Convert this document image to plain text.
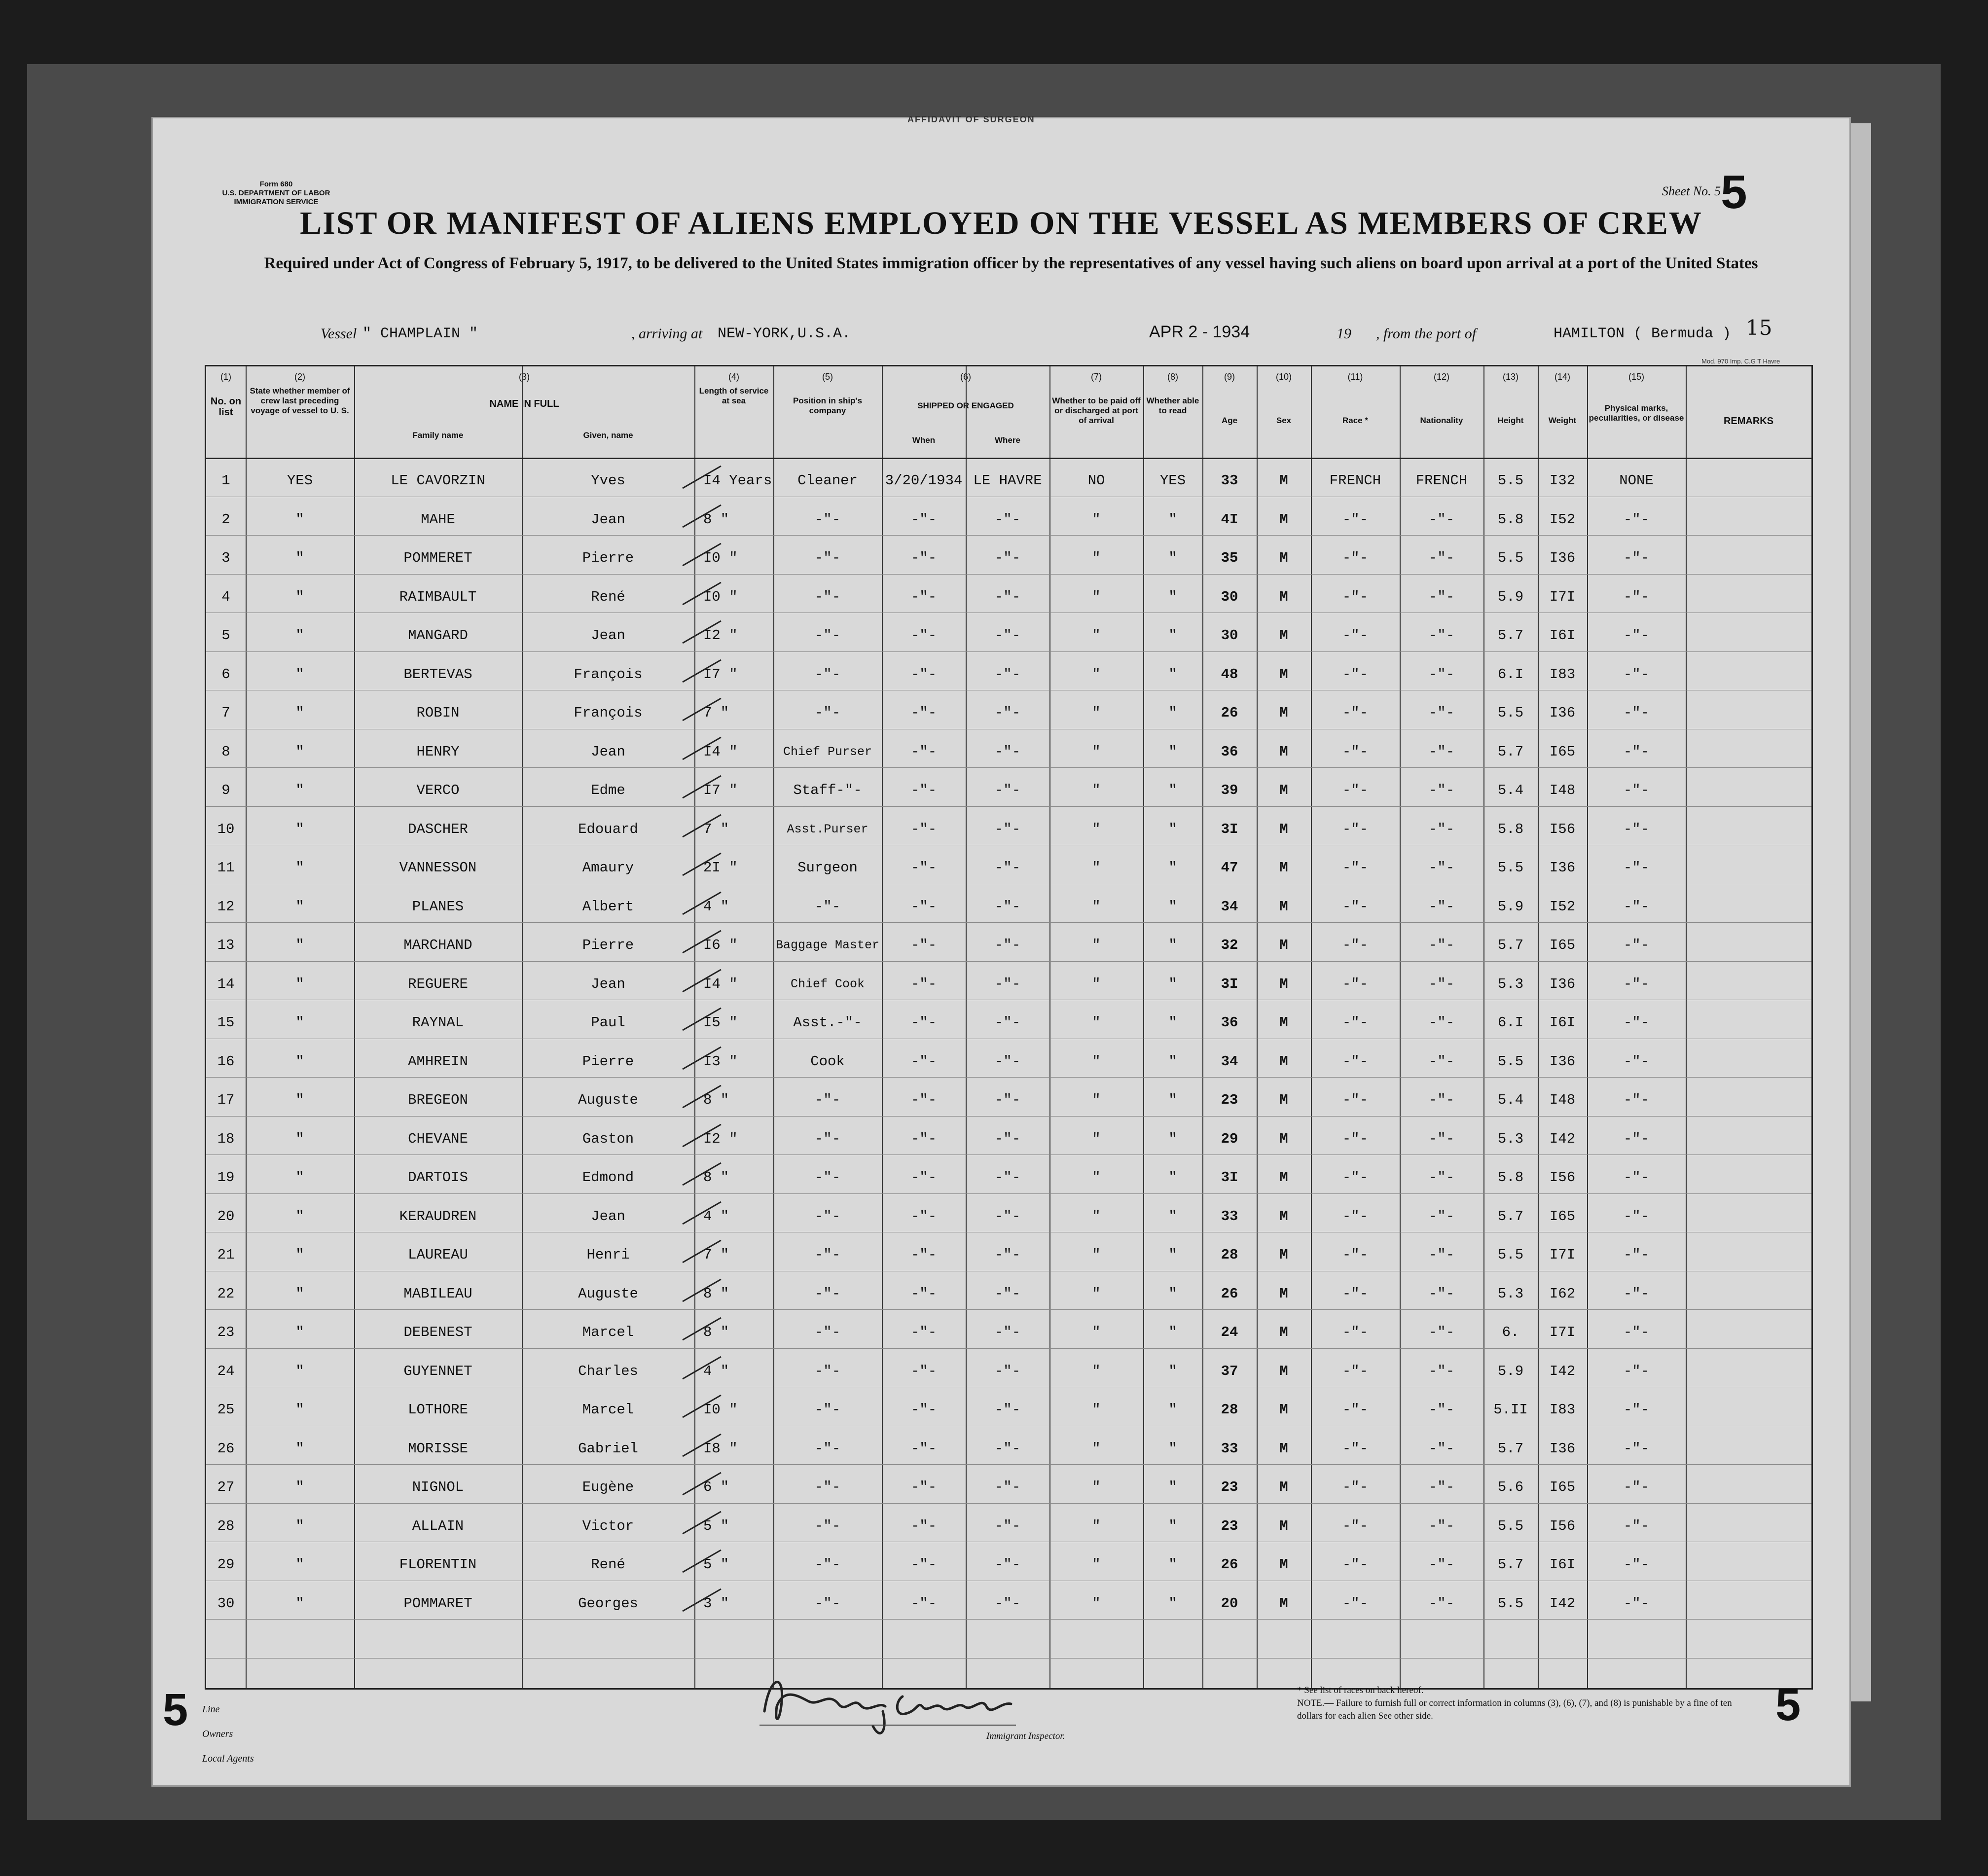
AFFIDAVIT OF SURGEON
Form 680
U.S. DEPARTMENT OF LABOR
IMMIGRATION SERVICE
Sheet No. 55
LIST OR MANIFEST OF ALIENS EMPLOYED ON THE VESSEL AS MEMBERS OF CREW
Required under Act of Congress of February 5, 1917, to be delivered to the United States immigration officer by the representatives of any vessel having such aliens on board upon arrival at a port of the United States
15
Vessel " CHAMPLAIN "	, arriving at NEW-YORK,U.S.A.	APR 2 - 1934	19 , from the port of	HAMILTON ( Bermuda )
Mod. 970 Imp. C.G T Havre
(1)
No. on list
(2)
State whether member of crew last preceding voyage of vessel to U. S.
(3)
NAME IN FULL
Family name	Given, name
(4)
Length of service at sea
(5)
Position in ship's company
(6)
SHIPPED OR ENGAGED
When	Where
(7)
Whether to be paid off or discharged at port of arrival
(8)
Whether able to read
(9)
Age
(10)
Sex
(11)
Race *
(12)
Nationality
(13)
Height
(14)
Weight
(15)
Physical marks, peculiarities, or disease	REMARKS
1	YES	LE CAVORZIN	Yves	I4 Years	Cleaner	3/20/1934 LE HAVRE	NO	YES	33	M	FRENCH	FRENCH	5.5	I32	NONE
2	"	MAHE	Jean	8 "	-"-	-"-	-"-	"	"	4I	M	-"-	-"-	5.8	I52	-"-
3	"	POMMERET	Pierre	I0 "	-"-	-"-	-"-	"	"	35	M	-"-	-"-	5.5	I36	-"-
4	"	RAIMBAULT	René	I0 "	-"-	-"-	-"-	"	"	30	M	-"-	-"-	5.9	I7I	-"-
5	"	MANGARD	Jean	I2 "	-"-	-"-	-"-	"	"	30	M	-"-	-"-	5.7	I6I	-"-
6	"	BERTEVAS	François	I7 "	-"-	-"-	-"-	"	"	48	M	-"-	-"-	6.I	I83	-"-
7	"	ROBIN	François	7 "	-"-	-"-	-"-	"	"	26	M	-"-	-"-	5.5	I36	-"-
8	"	HENRY	Jean	I4 "	Chief Purser	-"-	-"-	"	"	36	M	-"-	-"-	5.7	I65	-"-
9	"	VERCO	Edme	I7 "	Staff-"-	-"-	-"-	"	"	39	M	-"-	-"-	5.4	I48	-"-
10	"	DASCHER	Edouard	7 "	Asst.Purser	-"-	-"-	"	"	3I	M	-"-	-"-	5.8	I56	-"-
11	"	VANNESSON	Amaury	2I "	Surgeon	-"-	-"-	"	"	47	M	-"-	-"-	5.5	I36	-"-
12	"	PLANES	Albert	4 "	-"-	-"-	-"-	"	"	34	M	-"-	-"-	5.9	I52	-"-
13	"	MARCHAND	Pierre	I6 "	Baggage Master	-"-	-"-	"	"	32	M	-"-	-"-	5.7	I65	-"-
14	"	REGUERE	Jean	I4 "	Chief Cook	-"-	-"-	"	"	3I	M	-"-	-"-	5.3	I36	-"-
15	"	RAYNAL	Paul	I5 "	Asst.-"-	-"-	-"-	"	"	36	M	-"-	-"-	6.I	I6I	-"-
16	"	AMHREIN	Pierre	I3 "	Cook	-"-	-"-	"	"	34	M	-"-	-"-	5.5	I36	-"-
17	"	BREGEON	Auguste	8 "	-"-	-"-	-"-	"	"	23	M	-"-	-"-	5.4	I48	-"-
18	"	CHEVANE	Gaston	I2 "	-"-	-"-	-"-	"	"	29	M	-"-	-"-	5.3	I42	-"-
19	"	DARTOIS	Edmond	8 "	-"-	-"-	-"-	"	"	3I	M	-"-	-"-	5.8	I56	-"-
20	"	KERAUDREN	Jean	4 "	-"-	-"-	-"-	"	"	33	M	-"-	-"-	5.7	I65	-"-
21	"	LAUREAU	Henri	7 "	-"-	-"-	-"-	"	"	28	M	-"-	-"-	5.5	I7I	-"-
22	"	MABILEAU	Auguste	8 "	-"-	-"-	-"-	"	"	26	M	-"-	-"-	5.3	I62	-"-
23	"	DEBENEST	Marcel	8 "	-"-	-"-	-"-	"	"	24	M	-"-	-"-	6.	I7I	-"-
24	"	GUYENNET	Charles	4 "	-"-	-"-	-"-	"	"	37	M	-"-	-"-	5.9	I42	-"-
25	"	LOTHORE	Marcel	I0 "	-"-	-"-	-"-	"	"	28	M	-"-	-"-	5.II	I83	-"-
26	"	MORISSE	Gabriel	I8 "	-"-	-"-	-"-	"	"	33	M	-"-	-"-	5.7	I36	-"-
27	"	NIGNOL	Eugène	6 "	-"-	-"-	-"-	"	"	23	M	-"-	-"-	5.6	I65	-"-
28	"	ALLAIN	Victor	5 "	-"-	-"-	-"-	"	"	23	M	-"-	-"-	5.5	I56	-"-
29	"	FLORENTIN	René	5 "	-"-	-"-	-"-	"	"	26	M	-"-	-"-	5.7	I6I	-"-
30	"	POMMARET	Georges	3 "	-"-	-"-	-"-	"	"	20	M	-"-	-"-	5.5	I42	-"-
5	5
Line
Owners
Local Agents
Immigrant Inspector.
* See list of races on back hereof.
NOTE.— Failure to furnish full or correct information in columns (3), (6), (7), and (8) is punishable by a fine of ten dollars for each alien See other side.
